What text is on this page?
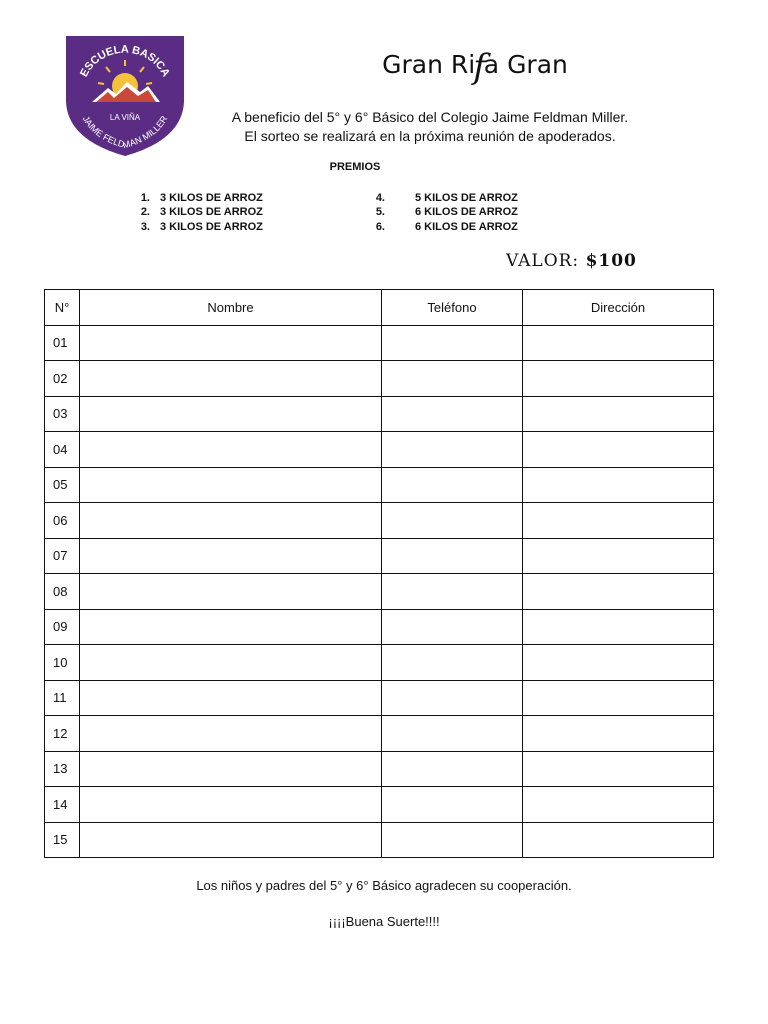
ESCUELA BASICA
LA VIÑA
JAIME FELDMAN MILLER
Gran Rifa Gran
A beneficio del 5° y 6° Básico del Colegio Jaime Feldman Miller.
El sorteo se realizará en la próxima reunión de apoderados.
PREMIOS
1. 3 KILOS DE ARROZ
2. 3 KILOS DE ARROZ
3. 3 KILOS DE ARROZ
4.	5 KILOS DE ARROZ
5.	6 KILOS DE ARROZ
6.	6 KILOS DE ARROZ
VALOR: $100
N°	Nombre	Teléfono	Dirección
01			
02			
03			
04			
05			
06			
07			
08			
09			
10			
11			
12			
13			
14			
15			
Los niños y padres del 5° y 6° Básico agradecen su cooperación.
¡¡¡¡Buena Suerte!!!!
